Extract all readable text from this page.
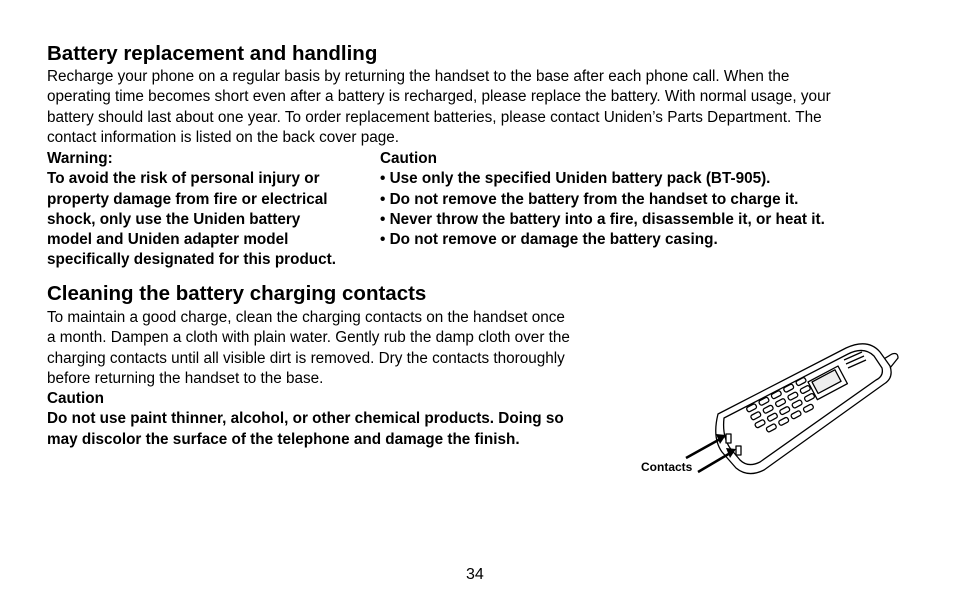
Battery replacement and handling
Recharge your phone on a regular basis by returning the handset to the base after each phone call. When the
operating time becomes short even after a battery is recharged, please replace the battery. With normal usage, your
battery should last about one year. To order replacement batteries, please contact Uniden’s Parts Department. The
contact information is listed on the back cover page.
Warning:
To avoid the risk of personal injury or
property damage from fire or electrical
shock, only use the Uniden battery
model and Uniden adapter model
specifically designated for this product.
Caution
• Use only the specified Uniden battery pack (BT-905).
• Do not remove the battery from the handset to charge it.
• Never throw the battery into a fire, disassemble it, or heat it.
• Do not remove or damage the battery casing.
Cleaning the battery charging contacts
To maintain a good charge, clean the charging contacts on the handset once
a month. Dampen a cloth with plain water. Gently rub the damp cloth over the
charging contacts until all visible dirt is removed. Dry the contacts thoroughly
before returning the handset to the base.
Caution
Do not use paint thinner, alcohol, or other chemical products. Doing so
may discolor the surface of the telephone and damage the finish.
Contacts
34
